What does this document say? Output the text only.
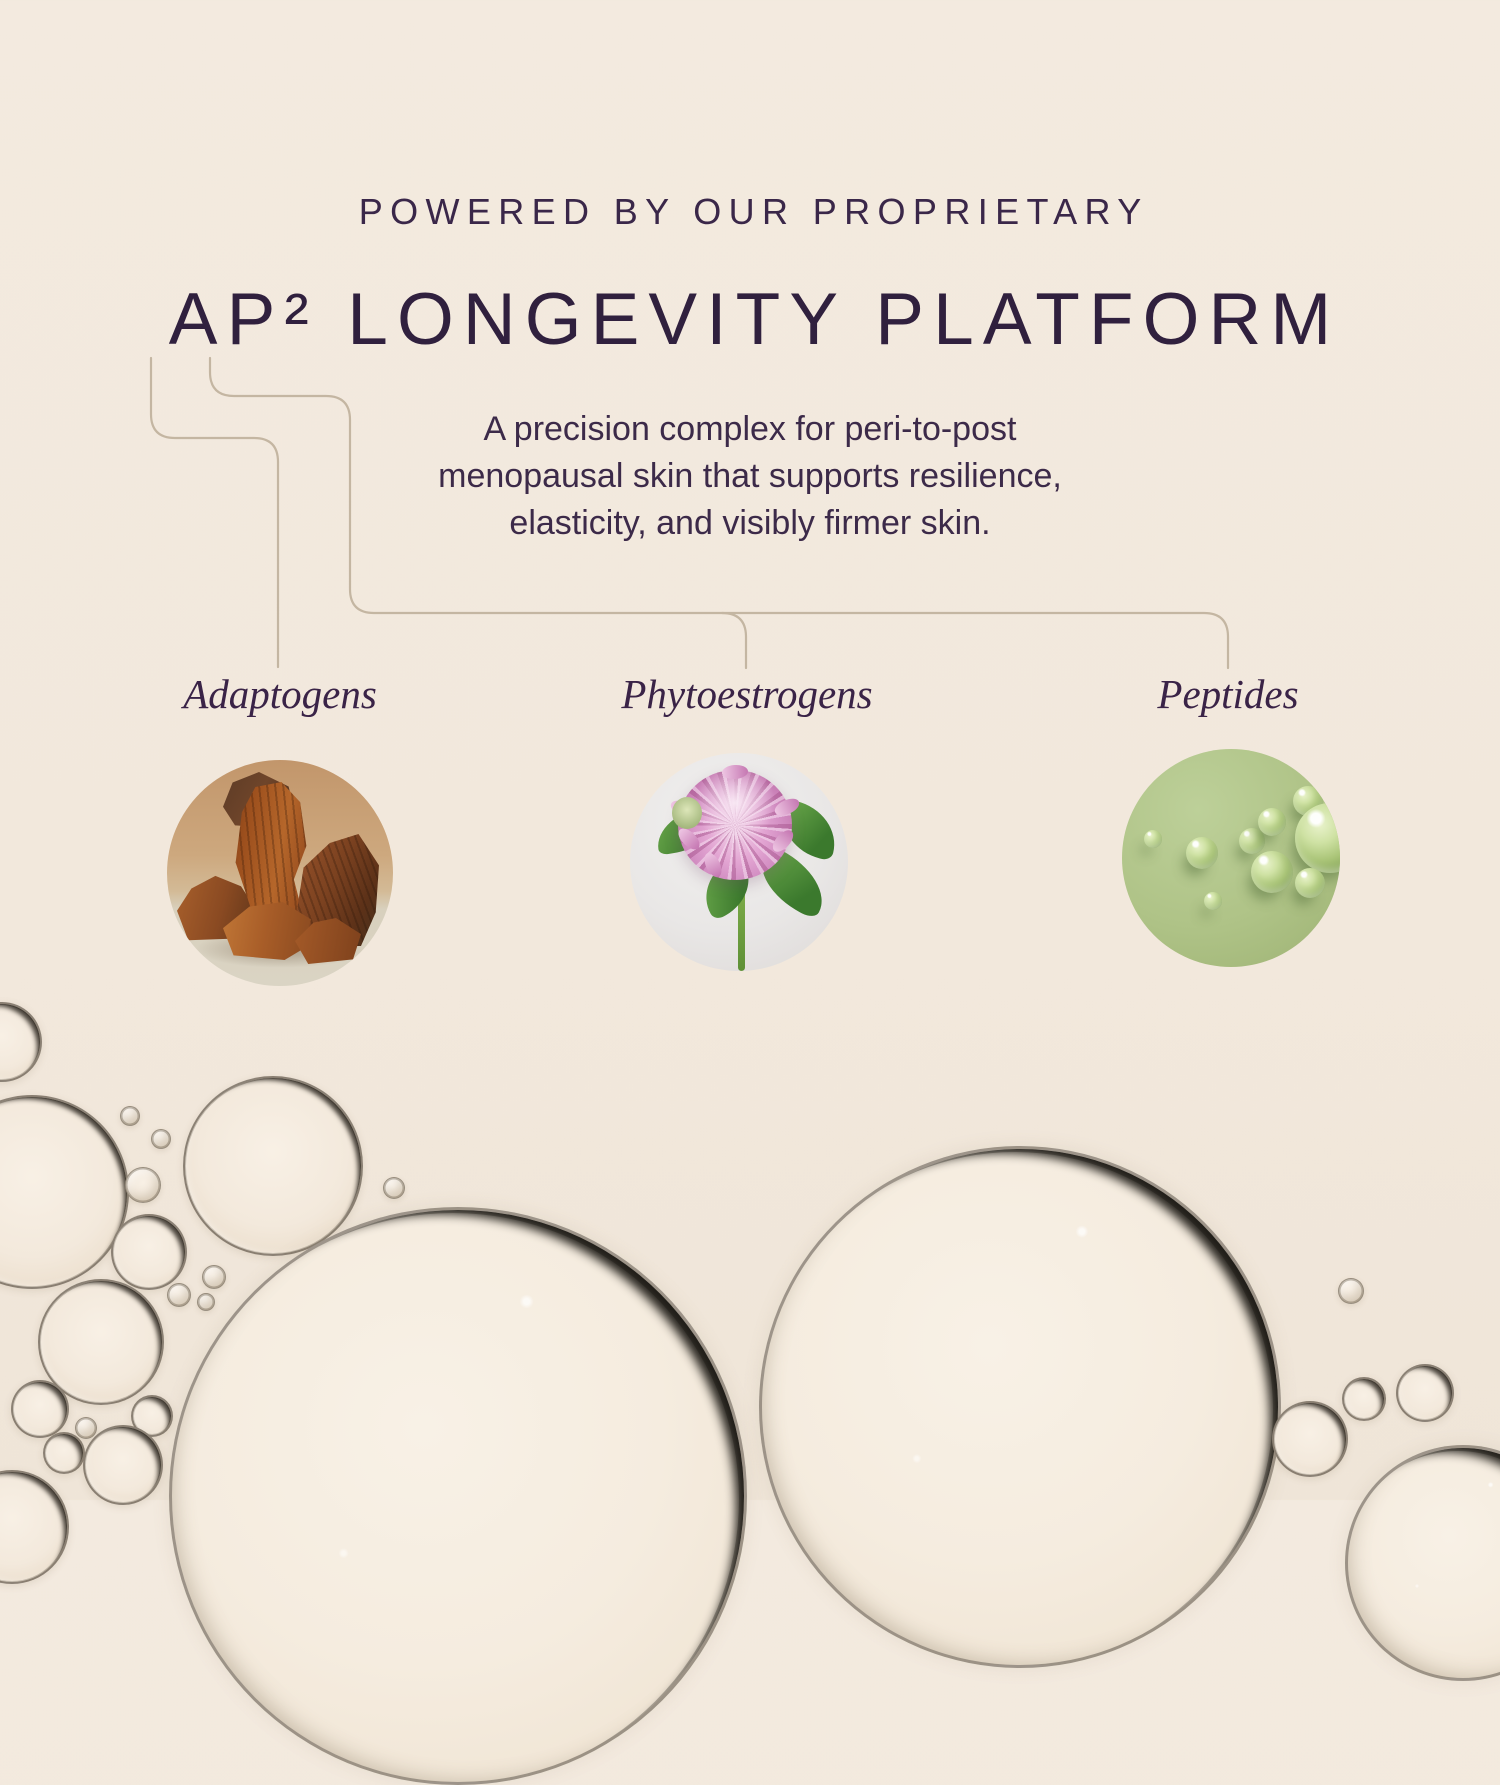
POWERED BY OUR PROPRIETARY
AP² LONGEVITY PLATFORM
A precision complex for peri-to-post
menopausal skin that supports resilience,
elasticity, and visibly firmer skin.
Adaptogens	Phytoestrogens	Peptides
